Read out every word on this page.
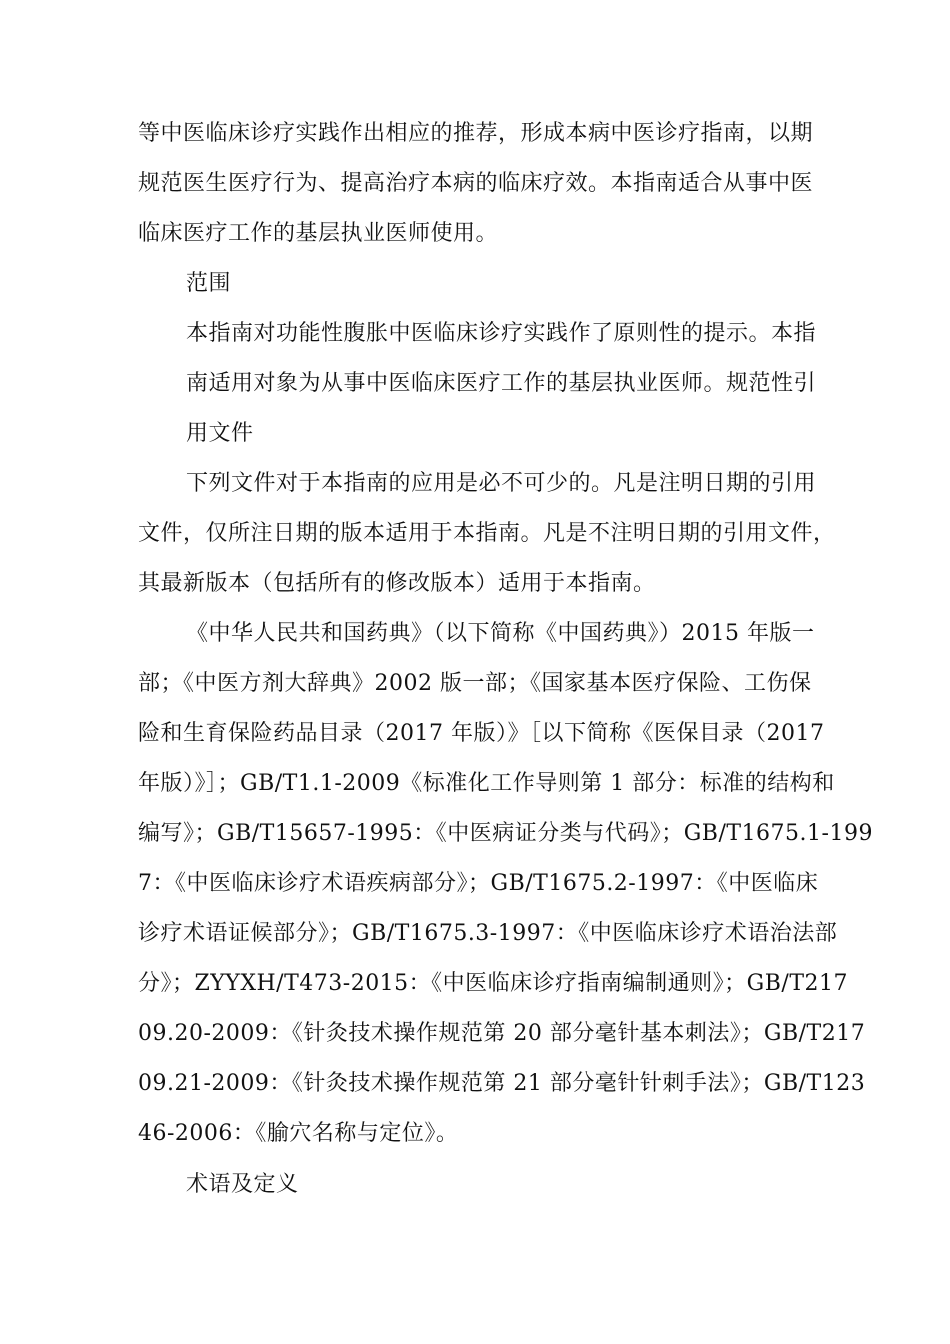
等中医临床诊疗实践作出相应的推荐，形成本病中医诊疗指南，以期
规范医生医疗行为、提高治疗本病的临床疗效。本指南适合从事中医
临床医疗工作的基层执业医师使用。
范围
本指南对功能性腹胀中医临床诊疗实践作了原则性的提示。本指
南适用对象为从事中医临床医疗工作的基层执业医师。规范性引
用文件
下列文件对于本指南的应用是必不可少的。凡是注明日期的引用
文件，仅所注日期的版本适用于本指南。凡是不注明日期的引用文件，
其最新版本（包括所有的修改版本）适用于本指南。
《中华人民共和国药典》（以下简称《中国药典》）2015 年版一
部；《中医方剂大辞典》2002 版一部；《国家基本医疗保险、工伤保
险和生育保险药品目录（2017 年版）》［以下简称《医保目录（2017
年版）》］；GB/T1.1-2009《标准化工作导则第 1 部分：标准的结构和
编写》；GB/T15657-1995：《中医病证分类与代码》；GB/T1675.1-199
7：《中医临床诊疗术语疾病部分》；GB/T1675.2-1997：《中医临床
诊疗术语证候部分》；GB/T1675.3-1997：《中医临床诊疗术语治法部
分》；ZYYXH/T473-2015：《中医临床诊疗指南编制通则》；GB/T217
09.20-2009：《针灸技术操作规范第 20 部分毫针基本刺法》；GB/T217
09.21-2009：《针灸技术操作规范第 21 部分毫针针刺手法》；GB/T123
46-2006：《腧穴名称与定位》。
术语及定义
